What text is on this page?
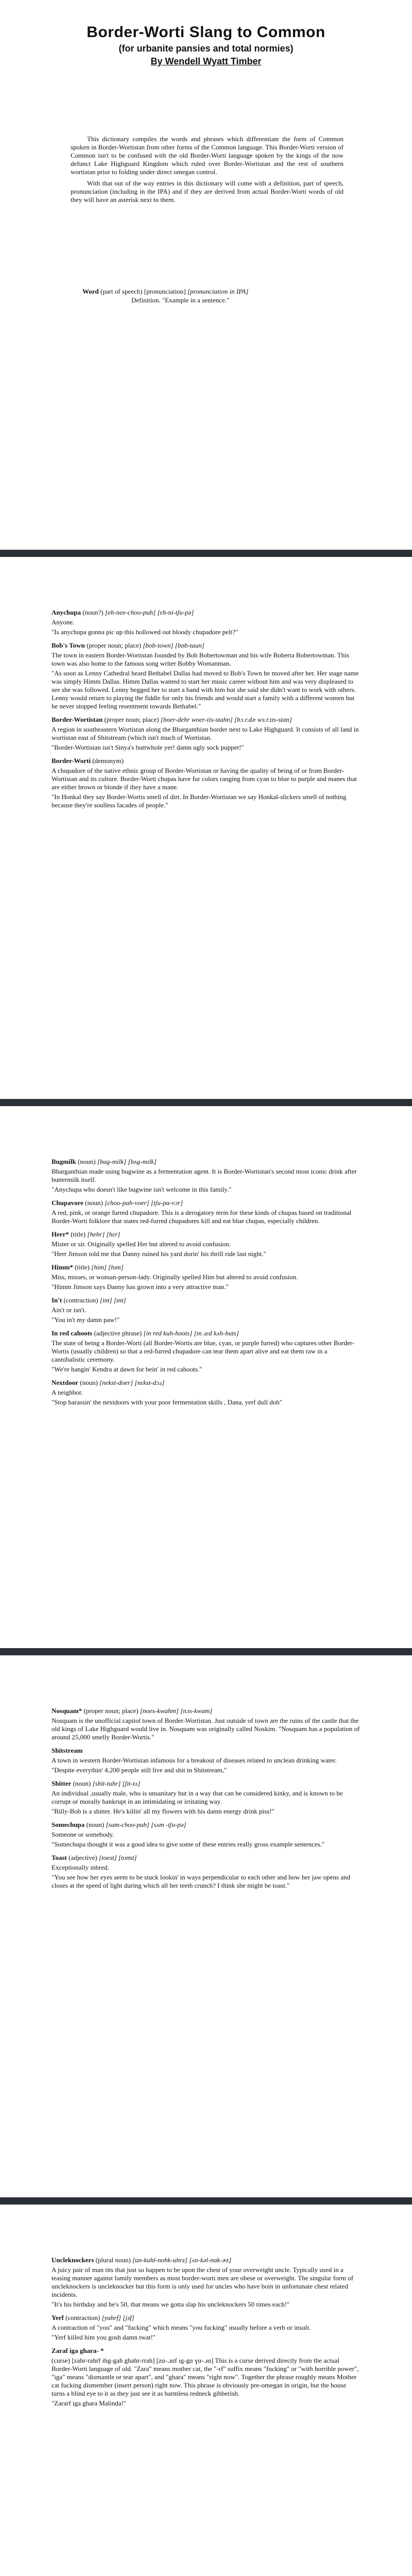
Border-Worti Slang to Common

(for urbanite pansies and total normies)

By Wendell Wyatt Timber

This dictionary compiles the words and phrases which differentiate the form of Common spoken in Border-Wortistan from other forms of the Common language. This Border-Worti version of Common isn't to be confused with the old Border-Worti language spoken by the kings of the now defunct Lake Highguard Kingdom which ruled over Border-Wortistan and the rest of southern wortistan prior to folding under direct omegan control.

With that out of the way entries in this dictionary will come with a definition, part of speech, pronunciation (including in the IPA) and if they are derived from actual Border-Worti words of old they will have an asterisk next to them.

Word (part of speech) [pronunciation] [pronunciation in IPA]

Definition. "Example in a sentence."

Anychupa (noun?) [eh-nee-choo-puh] [ɛh-ni-tʃu-pə]

Anyone.

"Is anychupa gonna pic up this hollowed out bloody chupadore pelt?"

Bob's Town (proper noun; place) [bob-town] [bɒb-taun]

The town in eastern Border-Wortistan founded by Bob Bobertowman and his wife Boberta Bobertowman. This town was also home to the famous song writer Bobby Womanman.

"As soon as Lenny Cathedral heard Bethabel Dallas had moved to Bob's Town he moved after her. Her stage name was simply Himm Dallas. Himm Dallas wanted to start her music career without him and was very displeased to see she was followed. Lenny begged her to start a band with him but she said she didn't want to work with others. Lenny would return to playing the fiddle for only his friends and would start a family with a different women but he never stopped feeling resentment towards Bethabel."

Border-Wortistan (proper noun; place) [boer-dehr woer-tis-stahn] [bɔ.r.dɚ wɜ.r.tɪs-stɑn]

A region in southeastern Wortistan along the Bharganthian border next to Lake Highguard. It consists of all land in wortistan east of Shitstream (which isn't much of Wortistan.

"Border-Wortistan isn't Sinya's buttwhole yer! damn ugly sock puppet!"

Border-Worti (demonym)

A chupadore of the native ethnic group of Border-Wortistan or having the quality of being of or from Border-Wortistan and its culture. Border-Worti chupas have fur colors ranging from cyan to blue to purple and manes that are either brown or blonde if they have a mane.

"In Honkal they say Border-Wortis smell of dirt. In Border-Wortistan we say Honkal-slickers smell of nothing because they're soulless facades of people."

Bugmilk (noun) [bug-milk] [bʌg-mɪlk]

Bharganthian made using bugwine as a fermentation agent. It is Border-Wortistan's second most iconic drink after buttermilk itself.

"Anychupa who doesn't like bugwine isn't welcome in this family."

Chupavore (noun) [choo-pah-voer] [tʃu-pɑ-vɔr]

A red, pink, or orange furred chupadore. This is a derogatory term for these kinds of chupas based on traditional Border-Worti folklore that states red-furred chupadores kill and eat blue chupas, especially children.

Herr* (title) [hehr] [hɛr]

Mister or sir. Originally spelled Her but altered to avoid confusion.

"Herr Jimson told me that Danny ruined his yard dorin' his thrill ride last night."

Himm* (title) [him] [hɪm]

Miss, misses, or woman-person-lady. Originally spelled Him but altered to avoid confusion.

"Himm Jimson says Danny has grown into a very attractive man."

In't (contraction) [int] [ɪnt]

Ain't or isn't.

"You in't my damn paw!"

In red cahoots (adjective phrase) [in red kuh-hoots] [ɪn ɹɛd kʌh-huts]

The state of being a Border-Worti (all Border-Wortis are blue, cyan, or purple furred) who captures other Border-Wortis (usually children) so that a red-furred chupadore can tear them apart alive and eat them raw in a cannibalistic ceremony.

"We're hangin' Kendra at dawn for bein' in red cahoots."

Nextdoor (noun) [nekst-doer] [nɛkst-dɔɹ]

A neighbor.

"Stop harassin' the nextdoors with your poor fermentation skills , Dana, yerf dull doh"

Nosquam* (proper noun; place) [noes-kwahm] [nɔs-kwɑm]

Nosquam is the unofficial capitol town of Border-Wortistan. Just outside of town are the ruins of the castle that the old kings of Lake Highguard would live in. Nosquam was originally called Noskim. "Nosquam has a population of around 25,000 smelly Border-Wortis."

Shitstream

A town in western Border-Wortistan infamous for a breakout of diseases related to unclean drinking water.

"Despite everythin' 4,200 people still live and shit in Shitstream,"

Shitter (noun) [shit-tuhr] [ʃɪt-tʌ]

An individual ,usually male, who is unsanitary but in a way that can be considered kinky, and is known to be corrupt or morally bankrupt in an intimidating or irritating way.

"Billy-Bob is a shitter. He's killin' all my flowers with his damn energy drink piss!"

Somechupa (noun) [sum-choo-puh] [sʌm -tʃu-pə]

Someone or somebody.

"Somechupa thought it was a good idea to give some of these entries really gross example sentences."

Toast (adjective) [toest] [toʊst]

Exceptionally inbred.

"You see how her eyes seem to be stuck lookin' in ways perpendicular to each other and how her jaw opens and closes at the speed of light during which all her teeth crunch? I think she might be toast."

Uncleknockers (plural noun) [un-kuhl-nohk-uhrz] [ʌn-kəl-nɑk-ɚz]

A juicy pair of man tits that just so happen to be upon the chest of your overweight uncle. Typically used in a teasing manner against family members as most border-worti men are obese or overweight. The singular form of uncleknockers is uncleknocker but this form is only used for uncles who have boin in unfortunate chest related incidents.

"It's his birthday and he's 50, that means we gotta slap his uncleknockers 50 times each!"

Yerf (contraction) [yuhrf] [jɜf]

A contraction of "you" and "fucking" which means "you fucking" usually before a verb or insult.

"Yerf killed him you gosh damn twat!"

Zaraf iga ghara- *

(curse) [zahr-rahrf ihg-gah ghahr-rrah] [zɑ-.ɹɑf ɪg-gɑ ɣɑ-.ɹɑ] This is a curse derived directly from the actual Border-Worti language of old. "Zara" means mother cat, the "-rf" suffix means "fucking" or "with horrible power", "iga" means "dismantle or tear apart", and "ghara" means "right now". Together the phrase roughly means Mother cat fucking dismember (insert person) right now. This phrase is obviously pre-omegan in origin, but the house turns a blind eye to it as they just see it as harmless redneck gibberish.

"Zararf iga ghara Malinda!"
